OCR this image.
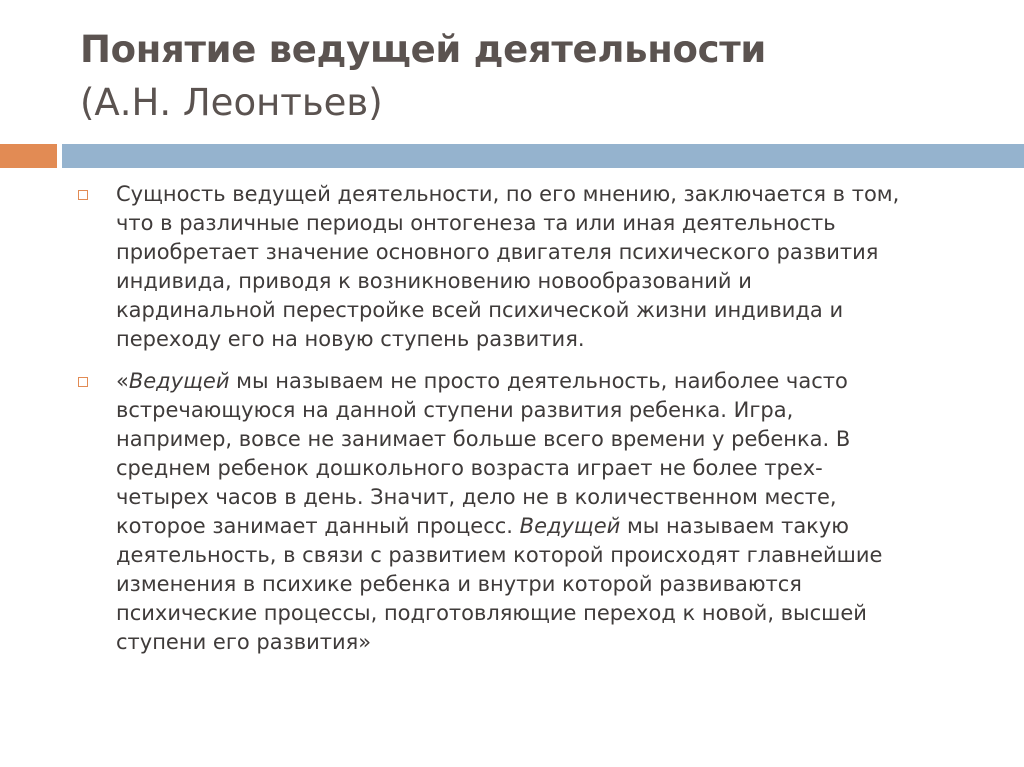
Понятие ведущей деятельности
(А.Н. Леонтьев)
Сущность ведущей деятельности, по его мнению, заключается в том,
что в различные периоды онтогенеза та или иная деятельность
приобретает значение основного двигателя психического развития
индивида, приводя к возникновению новообразований и
кардинальной перестройке всей психической жизни индивида и
переходу его на новую ступень развития.
«Ведущей мы называем не просто деятельность, наиболее часто
встречающуюся на данной ступени развития ребенка. Игра,
например, вовсе не занимает больше всего времени у ребенка. В
среднем ребенок дошкольного возраста играет не более трех-
четырех часов в день. Значит, дело не в количественном месте,
которое занимает данный процесс. Ведущей мы называем такую
деятельность, в связи с развитием которой происходят главнейшие
изменения в психике ребенка и внутри которой развиваются
психические процессы, подготовляющие переход к новой, высшей
ступени его развития»
